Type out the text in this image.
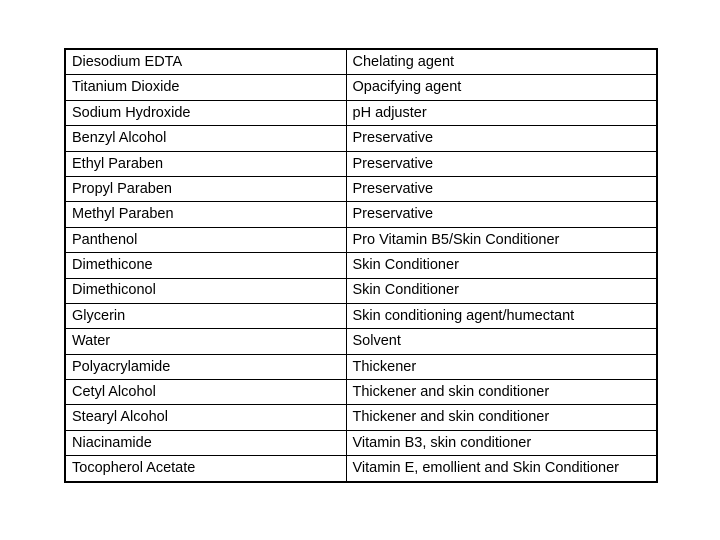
Diesodium EDTA	Chelating agent
Titanium Dioxide	Opacifying agent
Sodium Hydroxide	pH adjuster
Benzyl Alcohol	Preservative
Ethyl Paraben	Preservative
Propyl Paraben	Preservative
Methyl Paraben	Preservative
Panthenol	Pro Vitamin B5/Skin Conditioner
Dimethicone	Skin Conditioner
Dimethiconol	Skin Conditioner
Glycerin	Skin conditioning agent/humectant
Water	Solvent
Polyacrylamide	Thickener
Cetyl Alcohol	Thickener and skin conditioner
Stearyl Alcohol	Thickener and skin conditioner
Niacinamide	Vitamin B3, skin conditioner
Tocopherol Acetate	Vitamin E, emollient and Skin Conditioner
